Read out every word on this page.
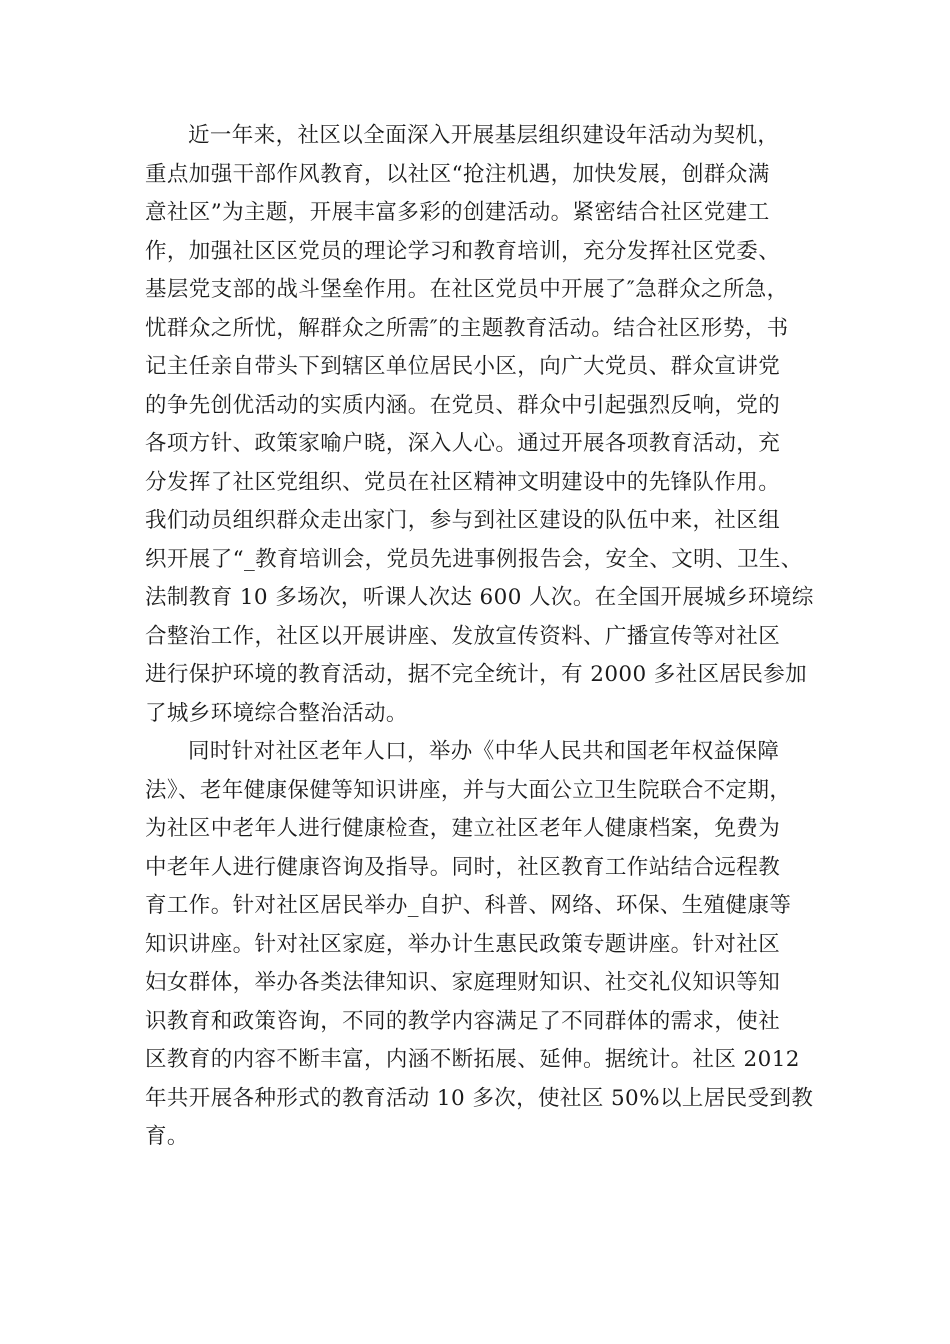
近一年来，社区以全面深入开展基层组织建设年活动为契机，
重点加强干部作风教育，以社区“抢注机遇，加快发展，创群众满
意社区”为主题，开展丰富多彩的创建活动。紧密结合社区党建工
作，加强社区区党员的理论学习和教育培训，充分发挥社区党委、
基层党支部的战斗堡垒作用。在社区党员中开展了″急群众之所急，
忧群众之所忧，解群众之所需″的主题教育活动。结合社区形势，书
记主任亲自带头下到辖区单位居民小区，向广大党员、群众宣讲党
的争先创优活动的实质内涵。在党员、群众中引起强烈反响，党的
各项方针、政策家喻户晓，深入人心。通过开展各项教育活动，充
分发挥了社区党组织、党员在社区精神文明建设中的先锋队作用。
我们动员组织群众走出家门，参与到社区建设的队伍中来，社区组
织开展了“_教育培训会，党员先进事例报告会，安全、文明、卫生、
法制教育 10 多场次，听课人次达 600 人次。在全国开展城乡环境综
合整治工作，社区以开展讲座、发放宣传资料、广播宣传等对社区
进行保护环境的教育活动，据不完全统计，有 2000 多社区居民参加
了城乡环境综合整治活动。
同时针对社区老年人口，举办《中华人民共和国老年权益保障
法》、老年健康保健等知识讲座，并与大面公立卫生院联合不定期，
为社区中老年人进行健康检查，建立社区老年人健康档案，免费为
中老年人进行健康咨询及指导。同时，社区教育工作站结合远程教
育工作。针对社区居民举办_自护、科普、网络、环保、生殖健康等
知识讲座。针对社区家庭，举办计生惠民政策专题讲座。针对社区
妇女群体，举办各类法律知识、家庭理财知识、社交礼仪知识等知
识教育和政策咨询，不同的教学内容满足了不同群体的需求，使社
区教育的内容不断丰富，内涵不断拓展、延伸。据统计。社区 2012
年共开展各种形式的教育活动 10 多次，使社区 50%以上居民受到教
育。
